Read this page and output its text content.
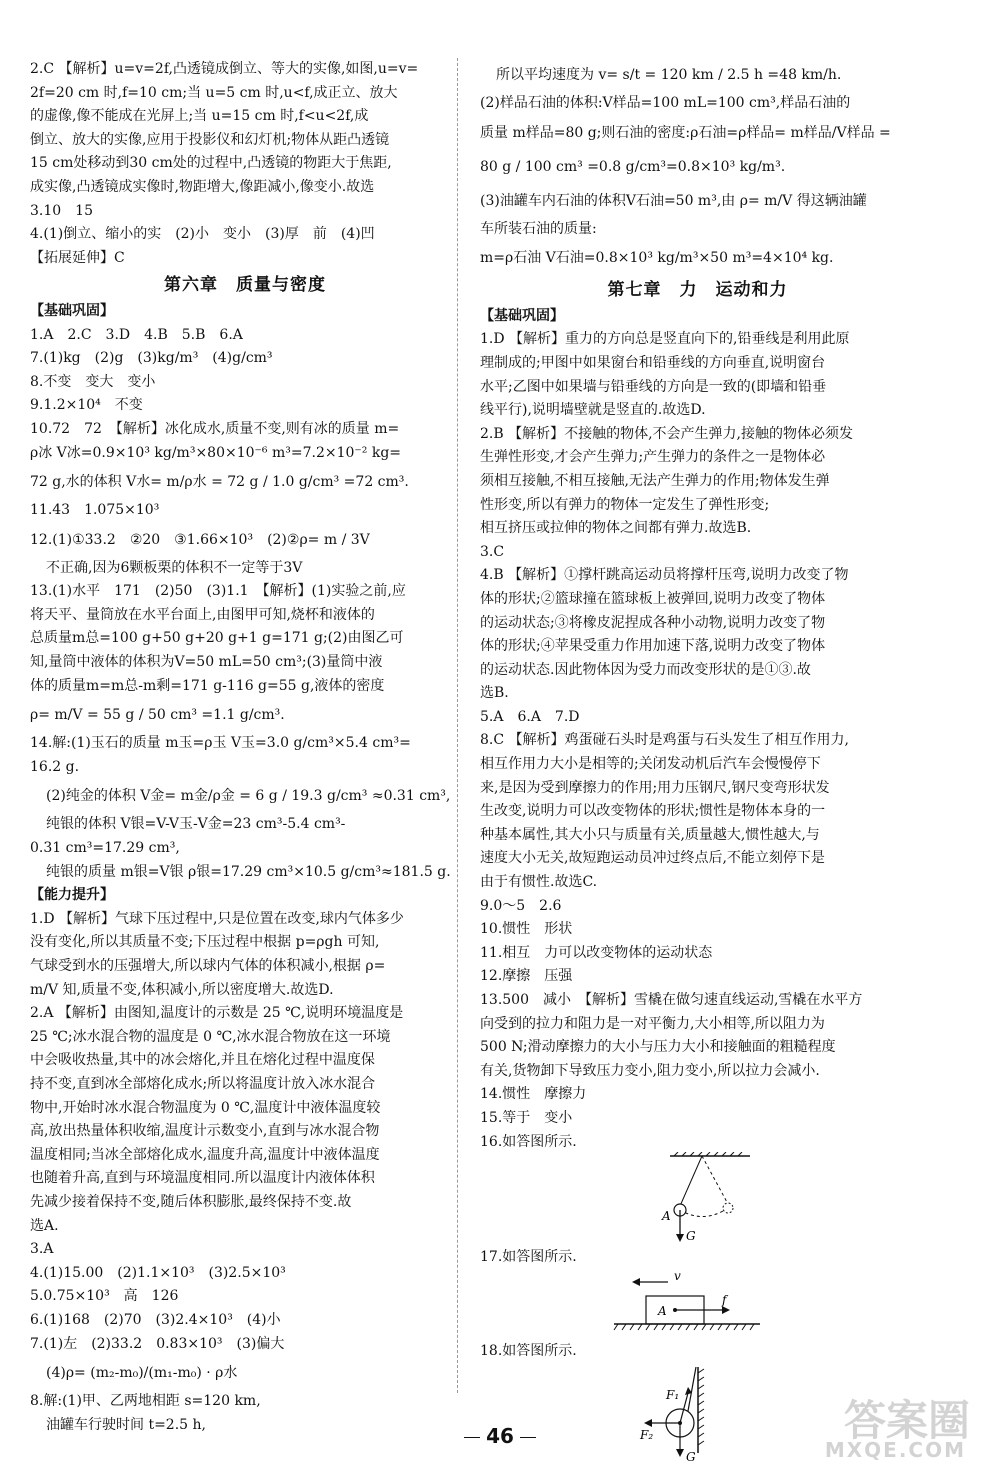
2.C 【解析】u=v=2f,凸透镜成倒立、等大的实像,如图,u=v=
2f=20 cm 时,f=10 cm;当 u=5 cm 时,u<f,成正立、放大
的虚像,像不能成在光屏上;当 u=15 cm 时,f<u<2f,成
倒立、放大的实像,应用于投影仪和幻灯机;物体从距凸透镜
15 cm处移动到30 cm处的过程中,凸透镜的物距大于焦距,
成实像,凸透镜成实像时,物距增大,像距减小,像变小.故选
3.10　15
4.(1)倒立、缩小的实　(2)小　变小　(3)厚　前　(4)凹
【拓展延伸】C
第六章　质量与密度
【基础巩固】
1.A　2.C　3.D　4.B　5.B　6.A
7.(1)kg　(2)g　(3)kg/m³　(4)g/cm³
8.不变　变大　变小
9.1.2×10⁴　不变
10.72　72　【解析】冰化成水,质量不变,则有冰的质量 m=
ρ冰 V冰=0.9×10³ kg/m³×80×10⁻⁶ m³=7.2×10⁻² kg=
72 g,水的体积 V水= m/ρ水 = 72 g / 1.0 g/cm³ =72 cm³.
11.43　1.075×10³
12.(1)①33.2　②20　③1.66×10³　(2)②ρ= m / 3V
不正确,因为6颗板栗的体积不一定等于3V
13.(1)水平　171　(2)50　(3)1.1　【解析】(1)实验之前,应
将天平、量筒放在水平台面上,由图甲可知,烧杯和液体的
总质量m总=100 g+50 g+20 g+1 g=171 g;(2)由图乙可
知,量筒中液体的体积为V=50 mL=50 cm³;(3)量筒中液
体的质量m=m总-m剩=171 g-116 g=55 g,液体的密度
ρ= m/V = 55 g / 50 cm³ =1.1 g/cm³.
14.解:(1)玉石的质量 m玉=ρ玉 V玉=3.0 g/cm³×5.4 cm³=
16.2 g.
(2)纯金的体积 V金= m金/ρ金 = 6 g / 19.3 g/cm³ ≈0.31 cm³,
纯银的体积 V银=V-V玉-V金=23 cm³-5.4 cm³-
0.31 cm³=17.29 cm³,
纯银的质量 m银=V银 ρ银=17.29 cm³×10.5 g/cm³≈181.5 g.
【能力提升】
1.D 【解析】气球下压过程中,只是位置在改变,球内气体多少
没有变化,所以其质量不变;下压过程中根据 p=ρgh 可知,
气球受到水的压强增大,所以球内气体的体积减小,根据 ρ=
m/V 知,质量不变,体积减小,所以密度增大.故选D.
2.A 【解析】由图知,温度计的示数是 25 ℃,说明环境温度是
25 ℃;冰水混合物的温度是 0 ℃,冰水混合物放在这一环境
中会吸收热量,其中的冰会熔化,并且在熔化过程中温度保
持不变,直到冰全部熔化成水;所以将温度计放入冰水混合
物中,开始时冰水混合物温度为 0 ℃,温度计中液体温度较
高,放出热量体积收缩,温度计示数变小,直到与冰水混合物
温度相同;当冰全部熔化成水,温度升高,温度计中液体温度
也随着升高,直到与环境温度相同.所以温度计内液体体积
先减少接着保持不变,随后体积膨胀,最终保持不变.故
选A.
3.A
4.(1)15.00　(2)1.1×10³　(3)2.5×10³
5.0.75×10³　高　126
6.(1)168　(2)70　(3)2.4×10³　(4)小
7.(1)左　(2)33.2　0.83×10³　(3)偏大
(4)ρ= (m₂-m₀)/(m₁-m₀) · ρ水
8.解:(1)甲、乙两地相距 s=120 km,
油罐车行驶时间 t=2.5 h,
所以平均速度为 v= s/t = 120 km / 2.5 h =48 km/h.
(2)样品石油的体积:V样品=100 mL=100 cm³,样品石油的
质量 m样品=80 g;则石油的密度:ρ石油=ρ样品= m样品/V样品 =
80 g / 100 cm³ =0.8 g/cm³=0.8×10³ kg/m³.
(3)油罐车内石油的体积V石油=50 m³,由 ρ= m/V 得这辆油罐
车所装石油的质量:
m=ρ石油 V石油=0.8×10³ kg/m³×50 m³=4×10⁴ kg.
第七章　力　运动和力
【基础巩固】
1.D 【解析】重力的方向总是竖直向下的,铅垂线是利用此原
理制成的;甲图中如果窗台和铅垂线的方向垂直,说明窗台
水平;乙图中如果墙与铅垂线的方向是一致的(即墙和铅垂
线平行),说明墙壁就是竖直的.故选D.
2.B 【解析】不接触的物体,不会产生弹力,接触的物体必须发
生弹性形变,才会产生弹力;产生弹力的条件之一是物体必
须相互接触,不相互接触,无法产生弹力的作用;物体发生弹
性形变,所以有弹力的物体一定发生了弹性形变;
相互挤压或拉伸的物体之间都有弹力.故选B.
3.C
4.B 【解析】①撑杆跳高运动员将撑杆压弯,说明力改变了物
体的形状;②篮球撞在篮球板上被弹回,说明力改变了物体
的运动状态;③将橡皮泥捏成各种小动物,说明力改变了物
体的形状;④苹果受重力作用加速下落,说明力改变了物体
的运动状态.因此物体因为受力而改变形状的是①③.故
选B.
5.A　6.A　7.D
8.C 【解析】鸡蛋碰石头时是鸡蛋与石头发生了相互作用力,
相互作用力大小是相等的;关闭发动机后汽车会慢慢停下
来,是因为受到摩擦力的作用;用力压钢尺,钢尺变弯形状发
生改变,说明力可以改变物体的形状;惯性是物体本身的一
种基本属性,其大小只与质量有关,质量越大,惯性越大,与
速度大小无关,故短跑运动员冲过终点后,不能立刻停下是
由于有惯性.故选C.
9.0～5　2.6
10.惯性　形状
11.相互　力可以改变物体的运动状态
12.摩擦　压强
13.500　减小　【解析】雪橇在做匀速直线运动,雪橇在水平方
向受到的拉力和阻力是一对平衡力,大小相等,所以阻力为
500 N;滑动摩擦力的大小与压力大小和接触面的粗糙程度
有关,货物卸下导致压力变小,阻力变小,所以拉力会减小.
14.惯性　摩擦力
15.等于　变小
16.如答图所示.
A
G
17.如答图所示.
v
A
f
18.如答图所示.
F₁
F₂
G
46	答案圈
MXQE.COM
